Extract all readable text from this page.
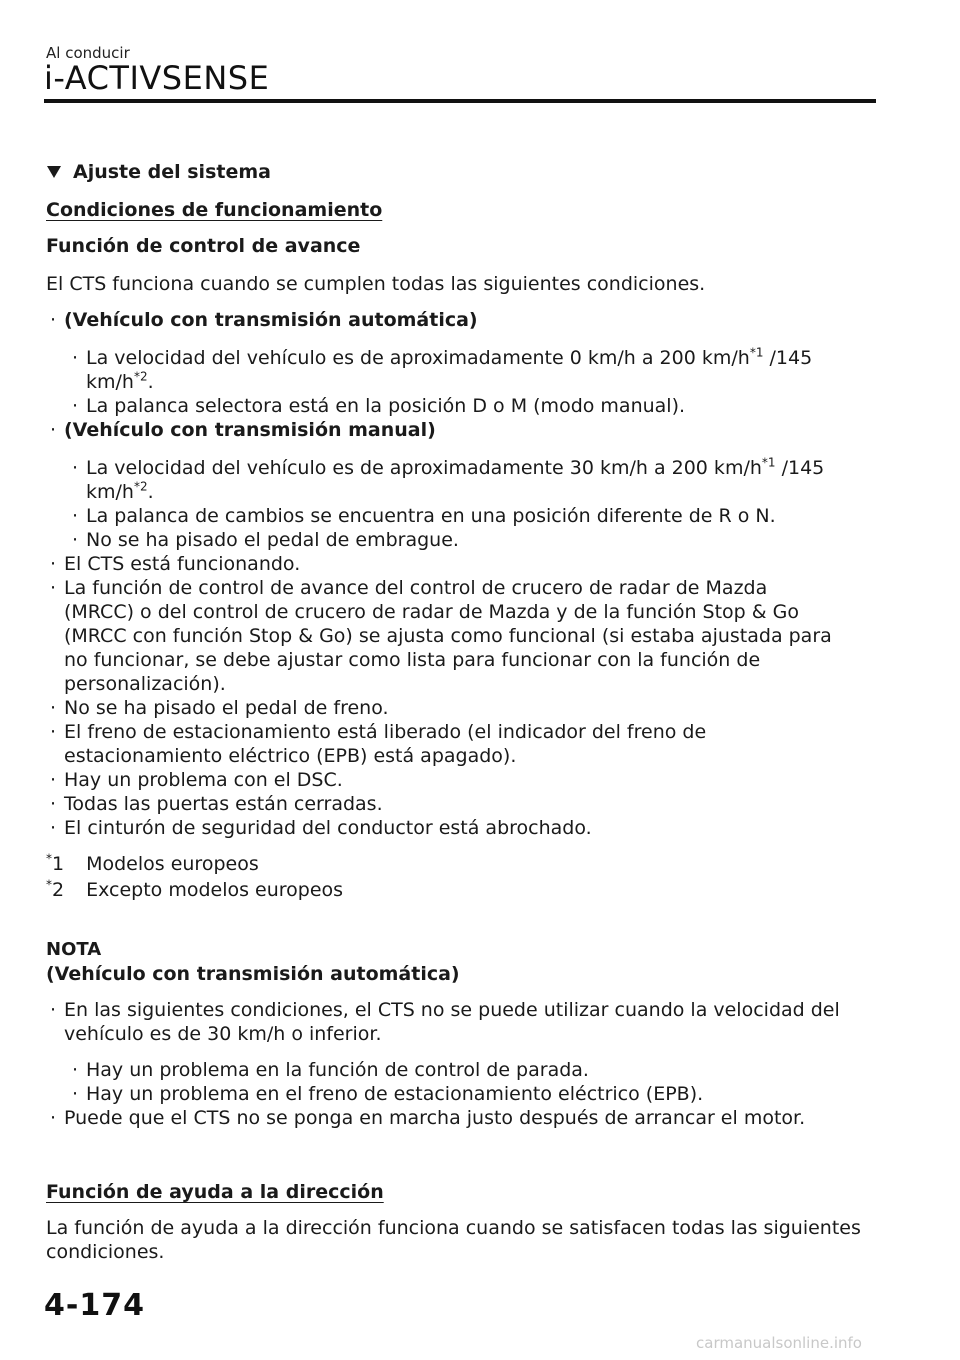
Al conducir
i-ACTIVSENSE
Ajuste del sistema
Condiciones de funcionamiento
Función de control de avance
El CTS funciona cuando se cumplen todas las siguientes condiciones.
· (Vehículo con transmisión automática)
· La velocidad del vehículo es de aproximadamente 0 km/h a 200 $km/h^{*1}$ /145
$km/h^{*2}$.
· La palanca selectora está en la posición D o M (modo manual).
· (Vehículo con transmisión manual)
· La velocidad del vehículo es de aproximadamente 30 km/h a 200 $km/h^{*1}$ /145
$km/h^{*2}$.
· La palanca de cambios se encuentra en una posición diferente de R o N.
· No se ha pisado el pedal de embrague.
· El CTS está funcionando.
· La función de control de avance del control de crucero de radar de Mazda
(MRCC) o del control de crucero de radar de Mazda y de la función Stop & Go
(MRCC con función Stop & Go) se ajusta como funcional (si estaba ajustada para
no funcionar, se debe ajustar como lista para funcionar con la función de
personalización).
· No se ha pisado el pedal de freno.
· El freno de estacionamiento está liberado (el indicador del freno de
estacionamiento eléctrico (EPB) está apagado).
· Hay un problema con el DSC.
· Todas las puertas están cerradas.
· El cinturón de seguridad del conductor está abrochado.
*1 Modelos europeos
*2 Excepto modelos europeos
NOTA
(Vehículo con transmisión automática)
· En las siguientes condiciones, el CTS no se puede utilizar cuando la velocidad del
vehículo es de 30 km/h o inferior.
· Hay un problema en la función de control de parada.
· Hay un problema en el freno de estacionamiento eléctrico (EPB).
· Puede que el CTS no se ponga en marcha justo después de arrancar el motor.
Función de ayuda a la dirección
La función de ayuda a la dirección funciona cuando se satisfacen todas las siguientes
condiciones.
4-174
carmanualsonline.info
